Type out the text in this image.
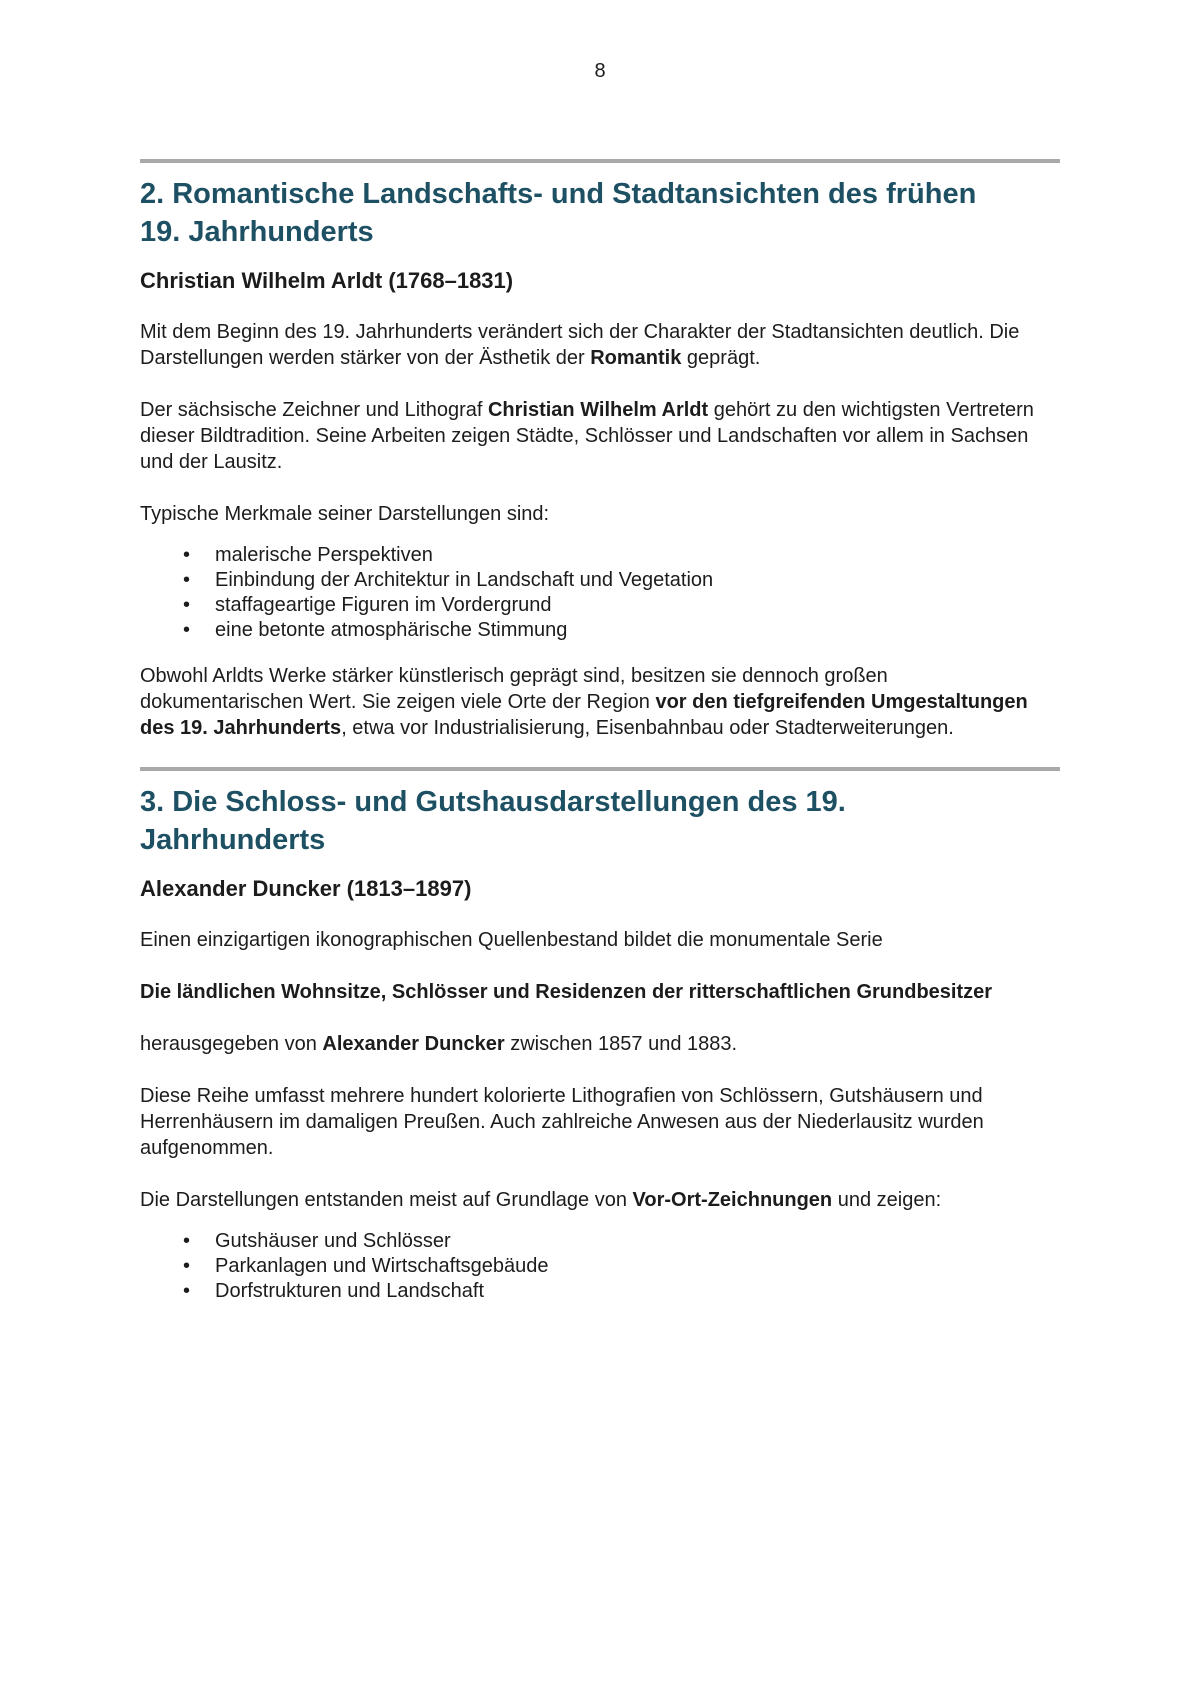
8
2. Romantische Landschafts- und Stadtansichten des frühen 19. Jahrhunderts
Christian Wilhelm Arldt (1768–1831)

Mit dem Beginn des 19. Jahrhunderts verändert sich der Charakter der Stadtansichten deutlich. Die Darstellungen werden stärker von der Ästhetik der Romantik geprägt.

Der sächsische Zeichner und Lithograf Christian Wilhelm Arldt gehört zu den wichtigsten Vertretern dieser Bildtradition. Seine Arbeiten zeigen Städte, Schlösser und Landschaften vor allem in Sachsen und der Lausitz.

Typische Merkmale seiner Darstellungen sind:

• malerische Perspektiven
• Einbindung der Architektur in Landschaft und Vegetation
• staffageartige Figuren im Vordergrund
• eine betonte atmosphärische Stimmung

Obwohl Arldts Werke stärker künstlerisch geprägt sind, besitzen sie dennoch großen dokumentarischen Wert. Sie zeigen viele Orte der Region vor den tiefgreifenden Umgestaltungen des 19. Jahrhunderts, etwa vor Industrialisierung, Eisenbahnbau oder Stadterweiterungen.

3. Die Schloss- und Gutshausdarstellungen des 19. Jahrhunderts
Alexander Duncker (1813–1897)

Einen einzigartigen ikonographischen Quellenbestand bildet die monumentale Serie

Die ländlichen Wohnsitze, Schlösser und Residenzen der ritterschaftlichen Grundbesitzer

herausgegeben von Alexander Duncker zwischen 1857 und 1883.

Diese Reihe umfasst mehrere hundert kolorierte Lithografien von Schlössern, Gutshäusern und Herrenhäusern im damaligen Preußen. Auch zahlreiche Anwesen aus der Niederlausitz wurden aufgenommen.

Die Darstellungen entstanden meist auf Grundlage von Vor-Ort-Zeichnungen und zeigen:

• Gutshäuser und Schlösser
• Parkanlagen und Wirtschaftsgebäude
• Dorfstrukturen und Landschaft
